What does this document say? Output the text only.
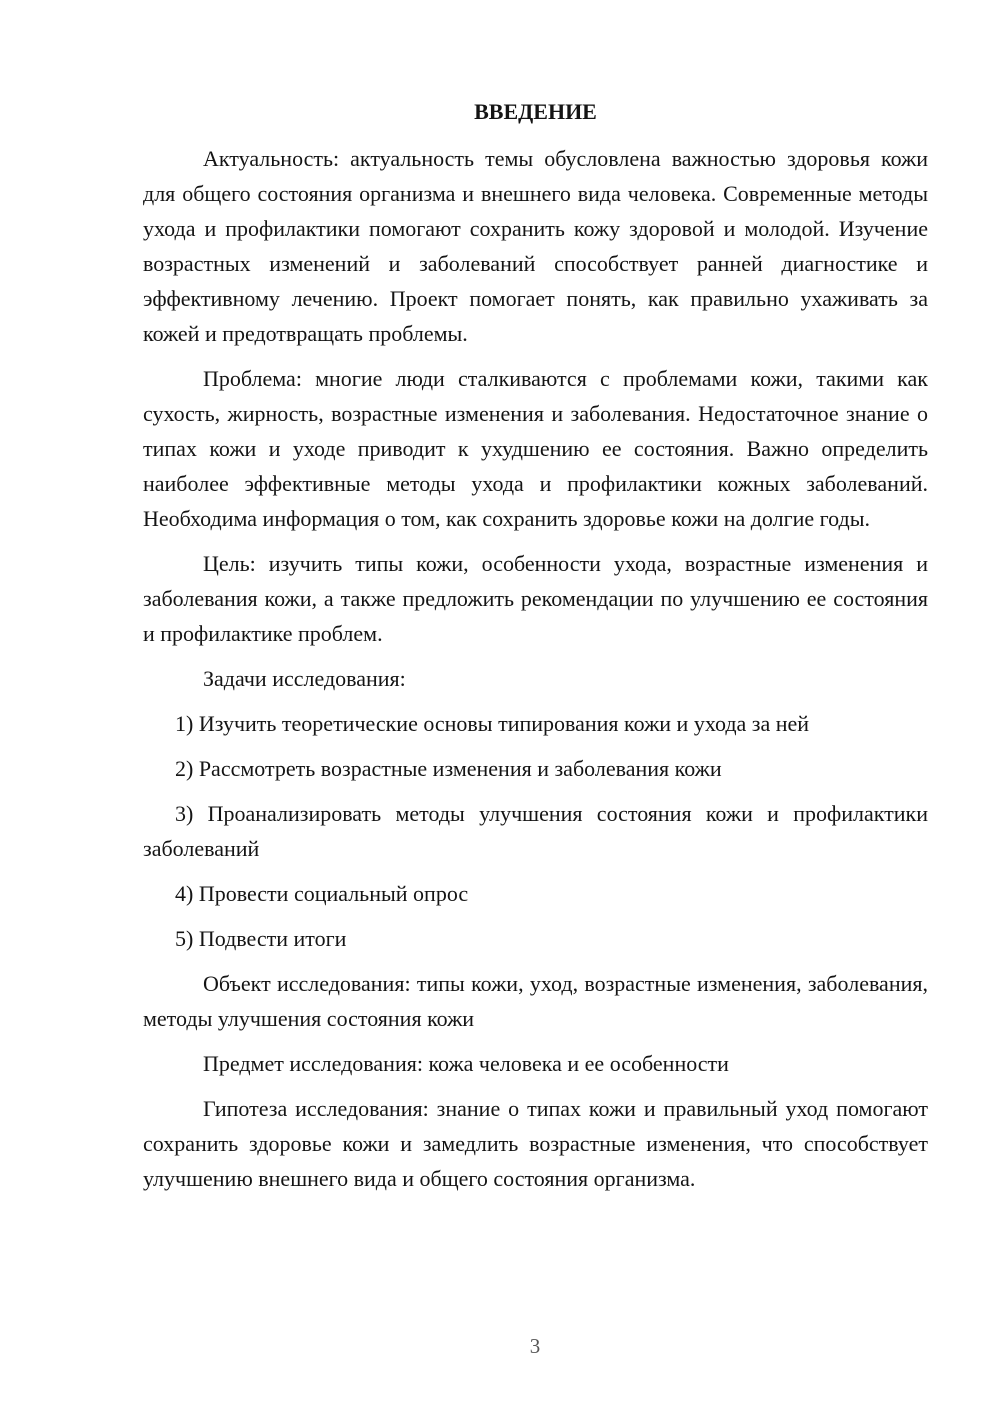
ВВЕДЕНИЕ

Актуальность: актуальность темы обусловлена важностью здоровья кожи для общего состояния организма и внешнего вида человека. Современные методы ухода и профилактики помогают сохранить кожу здоровой и молодой. Изучение возрастных изменений и заболеваний способствует ранней диагностике и эффективному лечению. Проект помогает понять, как правильно ухаживать за кожей и предотвращать проблемы.

Проблема: многие люди сталкиваются с проблемами кожи, такими как сухость, жирность, возрастные изменения и заболевания. Недостаточное знание о типах кожи и уходе приводит к ухудшению ее состояния. Важно определить наиболее эффективные методы ухода и профилактики кожных заболеваний. Необходима информация о том, как сохранить здоровье кожи на долгие годы.

Цель: изучить типы кожи, особенности ухода, возрастные изменения и заболевания кожи, а также предложить рекомендации по улучшению ее состояния и профилактике проблем.

Задачи исследования:

1) Изучить теоретические основы типирования кожи и ухода за ней

2) Рассмотреть возрастные изменения и заболевания кожи

3) Проанализировать методы улучшения состояния кожи и профилактики заболеваний

4) Провести социальный опрос

5) Подвести итоги

Объект исследования: типы кожи, уход, возрастные изменения, заболевания, методы улучшения состояния кожи

Предмет исследования: кожа человека и ее особенности

Гипотеза исследования: знание о типах кожи и правильный уход помогают сохранить здоровье кожи и замедлить возрастные изменения, что способствует улучшению внешнего вида и общего состояния организма.

3
